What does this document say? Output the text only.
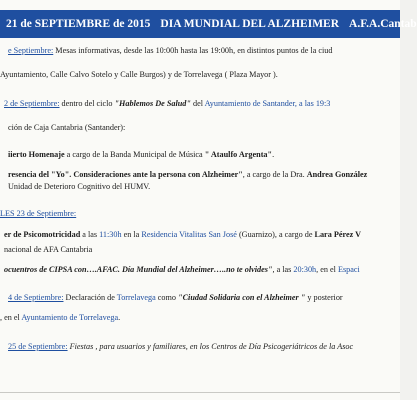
21 de SEPTIEMBRE de 2015 DIA MUNDIAL DEL ALZHEIMER A.F.A.Cantab
e Septiembre: Mesas informativas, desde las 10:00h hasta las 19:00h, en distintos puntos de la ciud
Ayuntamiento, Calle Calvo Sotelo y Calle Burgos) y de Torrelavega ( Plaza Mayor ).
2 de Septiembre: dentro del ciclo "Hablemos De Salud" del Ayuntamiento de Santander, a las 19:3
ción de Caja Cantabria (Santander):
iierto Homenaje a cargo de la Banda Municipal de Música " Ataulfo Argenta".
resencia del "Yo". Consideraciones ante la persona con Alzheimer", a cargo de la Dra. Andrea González
Unidad de Deterioro Cognitivo del HUMV.
LES 23 de Septiembre:
er de Psicomotricidad a las 11:30h en la Residencia Vitalitas San José (Guarnizo), a cargo de Lara Pérez V
nacional de AFA Cantabria
ocuentros de CIPSA con….AFAC. Día Mundial del Alzheimer…..no te olvides", a las 20:30h, en el Espaci
4 de Septiembre: Declaración de Torrelavega como "Ciudad Solidaria con el Alzheimer " y posterior
, en el Ayuntamiento de Torrelavega.
25 de Septiembre: Fiestas , para usuarios y familiares, en los Centros de Día Psicogeriátricos de la Asoc
